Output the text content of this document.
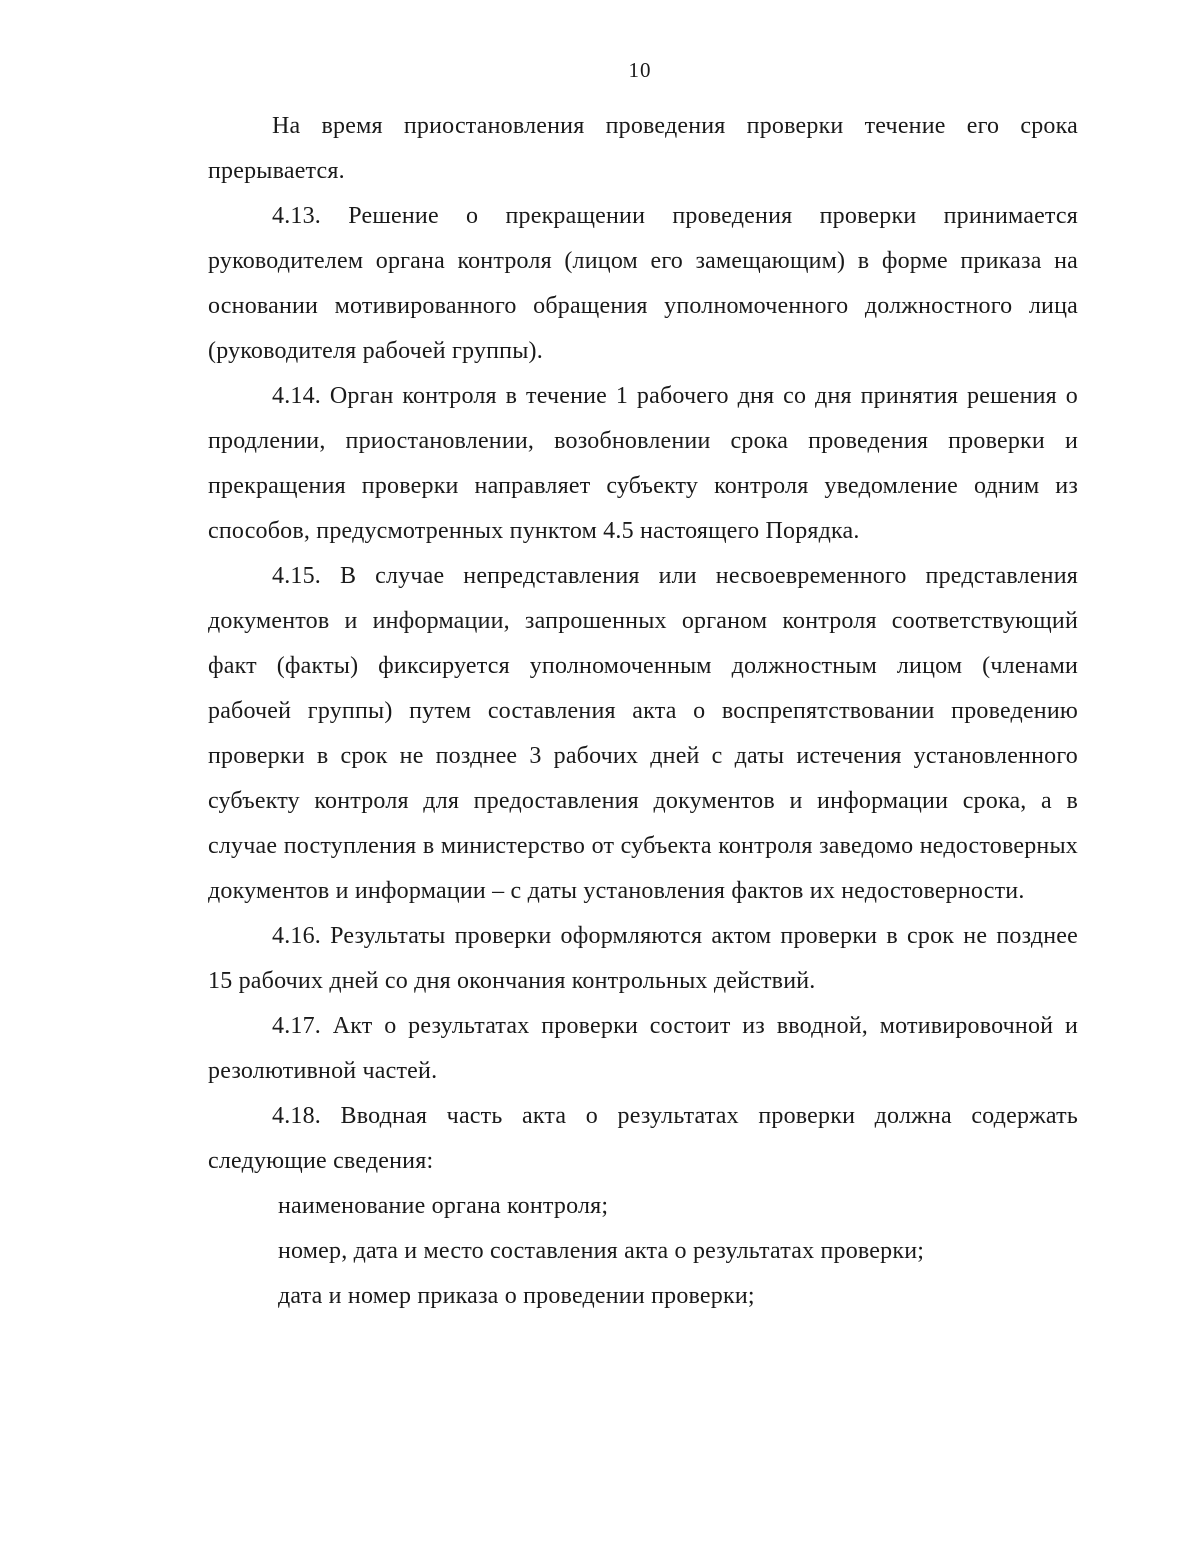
10

На время приостановления проведения проверки течение его срока прерывается.

4.13. Решение о прекращении проведения проверки принимается руководителем органа контроля (лицом его замещающим) в форме приказа на основании мотивированного обращения уполномоченного должностного лица (руководителя рабочей группы).

4.14. Орган контроля в течение 1 рабочего дня со дня принятия решения о продлении, приостановлении, возобновлении срока проведения проверки и прекращения проверки направляет субъекту контроля уведомление одним из способов, предусмотренных пунктом 4.5 настоящего Порядка.

4.15. В случае непредставления или несвоевременного представления документов и информации, запрошенных органом контроля соответствующий факт (факты) фиксируется уполномоченным должностным лицом (членами рабочей группы) путем составления акта о воспрепятствовании проведению проверки в срок не позднее 3 рабочих дней с даты истечения установленного субъекту контроля для предоставления документов и информации срока, а в случае поступления в министерство от субъекта контроля заведомо недостоверных документов и информации – с даты установления фактов их недостоверности.

4.16. Результаты проверки оформляются актом проверки в срок не позднее 15 рабочих дней со дня окончания контрольных действий.

4.17. Акт о результатах проверки состоит из вводной, мотивировочной и резолютивной частей.

4.18. Вводная часть акта о результатах проверки должна содержать следующие сведения:

наименование органа контроля;

номер, дата и место составления акта о результатах проверки;

дата и номер приказа о проведении проверки;
